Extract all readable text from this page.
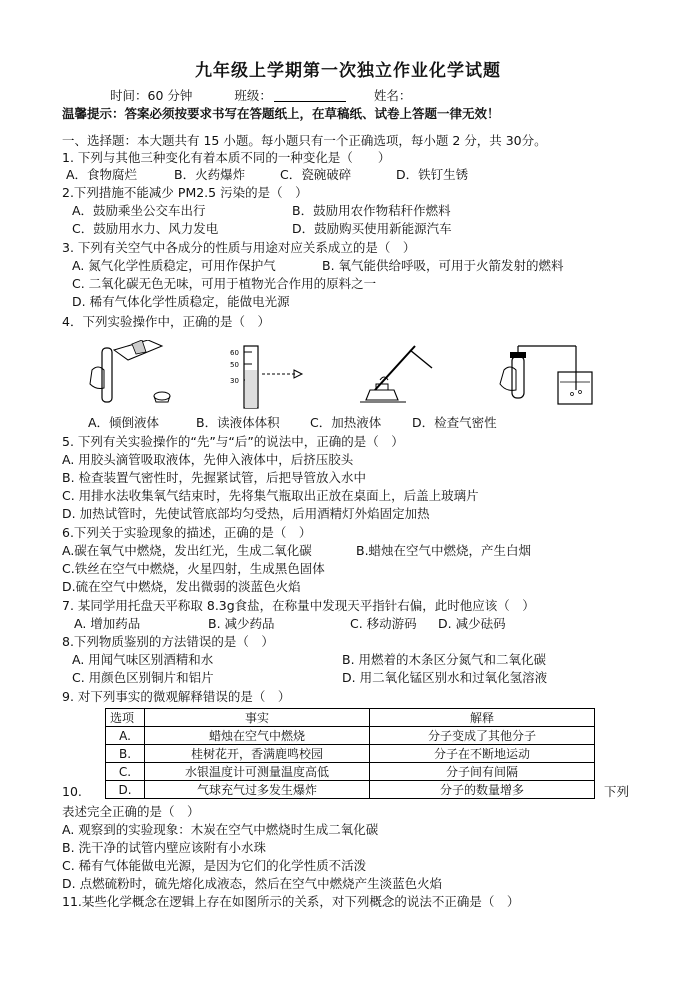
九年级上学期第一次独立作业化学试题
时间：60 分钟	班级：	姓名：
温馨提示：答案必须按要求书写在答题纸上，在草稿纸、试卷上答题一律无效！
一、选择题：本大题共有 15 小题。每小题只有一个正确选项，每小题 2 分，共 30分。
1. 下列与其他三种变化有着本质不同的一种变化是（　　）
A．食物腐烂	B．火药爆炸	C．瓷碗破碎	D．铁钉生锈
2.下列措施不能减少 PM2.5 污染的是（　）
A．鼓励乘坐公交车出行	B．鼓励用农作物秸秆作燃料
C．鼓励用水力、风力发电	D．鼓励购买使用新能源汽车
3. 下列有关空气中各成分的性质与用途对应关系成立的是（　）
A. 氮气化学性质稳定，可用作保护气	B. 氧气能供给呼吸，可用于火箭发射的燃料
C. 二氧化碳无色无味，可用于植物光合作用的原料之一
D. 稀有气体化学性质稳定，能做电光源
4．下列实验操作中，正确的是（　）
60
50
30
A．倾倒液体	B．读液体体积 C．加热液体 D．检查气密性
5. 下列有关实验操作的“先”与“后”的说法中，正确的是（　）
A. 用胶头滴管吸取液体，先伸入液体中，后挤压胶头
B. 检查装置气密性时，先握紧试管，后把导管放入水中
C. 用排水法收集氧气结束时，先将集气瓶取出正放在桌面上，后盖上玻璃片
D. 加热试管时，先使试管底部均匀受热，后用酒精灯外焰固定加热
6.下列关于实验现象的描述，正确的是（　）
A.碳在氧气中燃烧，发出红光，生成二氧化碳	B.蜡烛在空气中燃烧，产生白烟
C.铁丝在空气中燃烧，火星四射，生成黑色固体
D.硫在空气中燃烧，发出微弱的淡蓝色火焰
7. 某同学用托盘天平称取 8.3g食盐，在称量中发现天平指针右偏，此时他应该（　）
A. 增加药品	B. 减少药品	C. 移动游码 D. 减少砝码
8.下列物质鉴别的方法错误的是（　）
A. 用闻气味区别酒精和水	B. 用燃着的木条区分氮气和二氧化碳
C. 用颜色区别铜片和铝片	D. 用二氧化锰区别水和过氧化氢溶液
9. 对下列事实的微观解释错误的是（　）
选项	事实	解释
A.	蜡烛在空气中燃烧	分子变成了其他分子
B.	桂树花开，香满鹿鸣校园	分子在不断地运动
C.	水银温度计可测量温度高低	分子间有间隔
D.	气球充气过多发生爆炸	分子的数量增多
10.	下列
表述完全正确的是（　）
A. 观察到的实验现象：木炭在空气中燃烧时生成二氧化碳
B. 洗干净的试管内壁应该附有小水珠
C. 稀有气体能做电光源，是因为它们的化学性质不活泼
D. 点燃硫粉时，硫先熔化成液态，然后在空气中燃烧产生淡蓝色火焰
11.某些化学概念在逻辑上存在如图所示的关系，对下列概念的说法不正确是（　）
